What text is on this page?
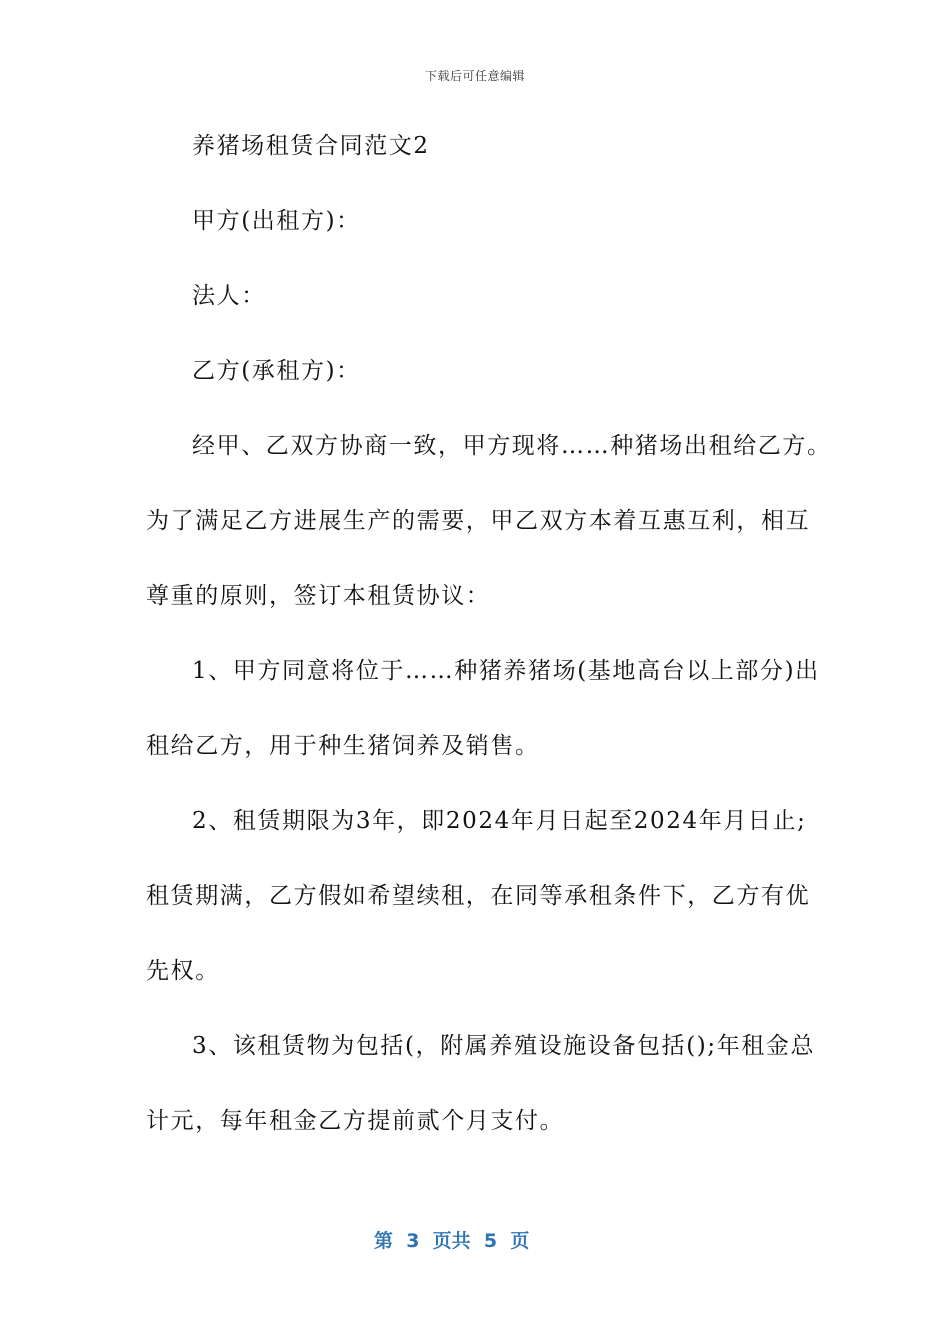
下载后可任意编辑
养猪场租赁合同范文2
甲方(出租方)：
法人：
乙方(承租方)：
经甲、乙双方协商一致，甲方现将……种猪场出租给乙方。
为了满足乙方进展生产的需要，甲乙双方本着互惠互利，相互
尊重的原则，签订本租赁协议：
1、甲方同意将位于……种猪养猪场(基地高台以上部分)出
租给乙方，用于种生猪饲养及销售。
2、租赁期限为3年，即2024年月日起至2024年月日止;
租赁期满，乙方假如希望续租，在同等承租条件下，乙方有优
先权。
3、该租赁物为包括(，附属养殖设施设备包括();年租金总
计元，每年租金乙方提前贰个月支付。
第  3  页共  5  页
